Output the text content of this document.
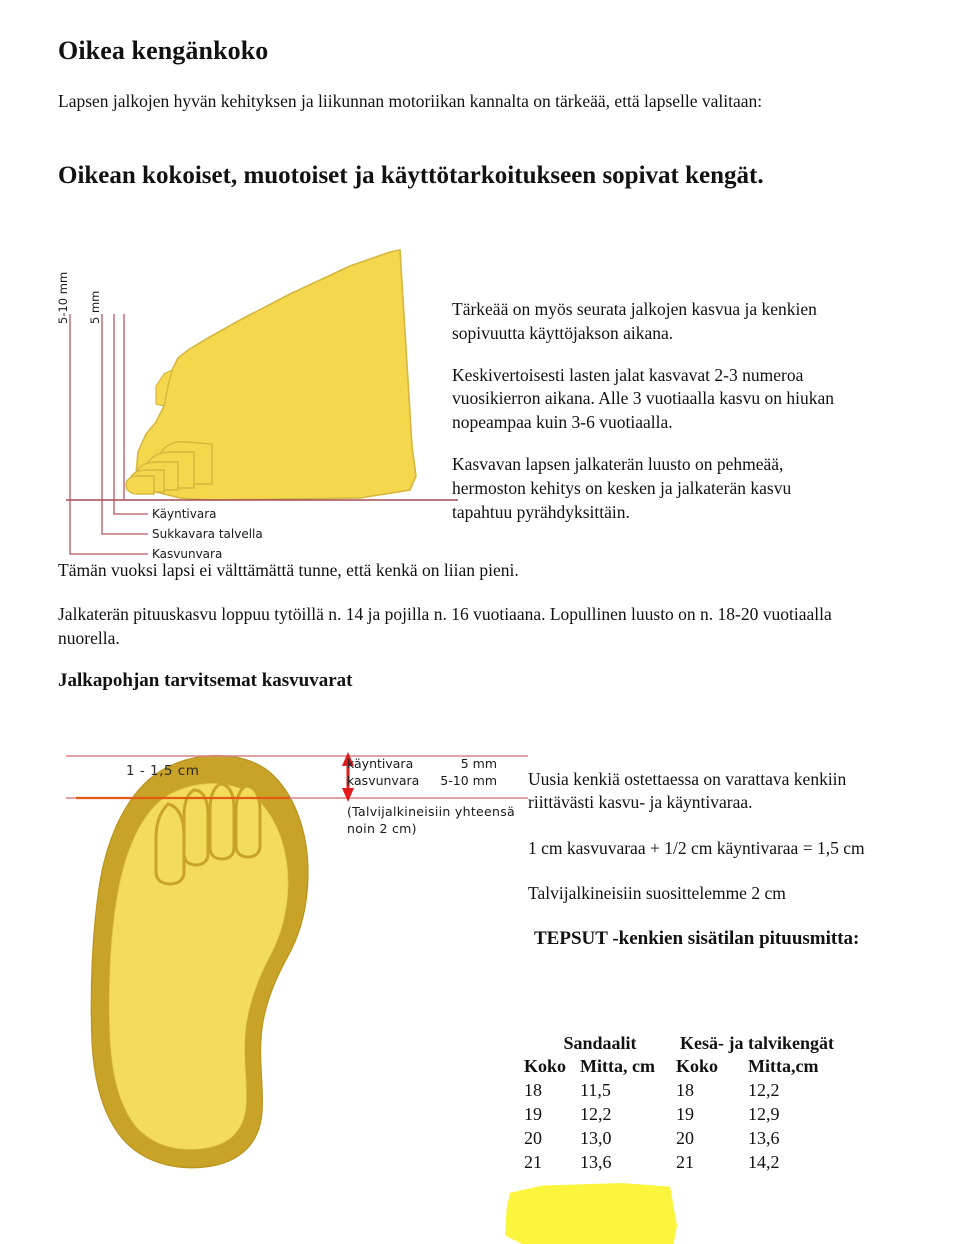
Oikea kengänkoko
Lapsen jalkojen hyvän kehityksen ja liikunnan motoriikan kannalta on tärkeää, että lapselle valitaan:
Oikean kokoiset, muotoiset ja käyttötarkoitukseen sopivat kengät.
5-10 mm 5 mm
Käyntivara
Sukkavara talvella
Kasvunvara

Tärkeää on myös seurata jalkojen kasvua ja kenkien sopivuutta käyttöjakson aikana.

Keskivertoisesti lasten jalat kasvavat 2-3 numeroa vuosikierron aikana. Alle 3 vuotiaalla kasvu on hiukan nopeampaa kuin 3-6 vuotiaalla.

Kasvavan lapsen jalkaterän luusto on pehmeää, hermoston kehitys on kesken ja jalkaterän kasvu tapahtuu pyrähdyksittäin.

Tämän vuoksi lapsi ei välttämättä tunne, että kenkä on liian pieni.
Jalkaterän pituuskasvu loppuu tytöillä n. 14 ja pojilla n. 16 vuotiaana. Lopullinen luusto on n. 18-20 vuotiaalla nuorella.
Jalkapohjan tarvitsemat kasvuvarat
1 - 1,5 cm	käyntivara	5 mm
kasvunvara 5-10 mm
(Talvijalkineisiin yhteensä noin 2 cm)

Uusia kenkiä ostettaessa on varattava kenkiin riittävästi kasvu- ja käyntivaraa.

1 cm kasvuvaraa + 1/2 cm käyntivaraa = 1,5 cm

Talvijalkineisiin suosittelemme 2 cm

TEPSUT -kenkien sisätilan pituusmitta:

Sandaalit		Kesä- ja talvikengät	
Koko	Mitta, cm	Koko	Mitta,cm
18	11,5	18	12,2
19	12,2	19	12,9
20	13,0	20	13,6
21	13,6	21	14,2
